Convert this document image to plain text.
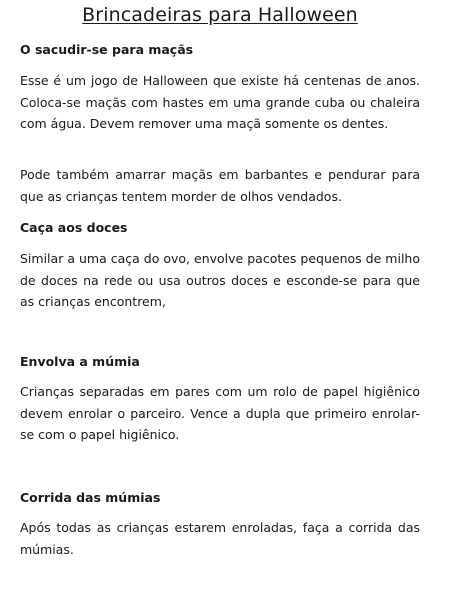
Brincadeiras para Halloween
O sacudir-se para maçãs

Esse é um jogo de Halloween que existe há centenas de anos. Coloca-se maçãs com hastes em uma grande cuba ou chaleira com água. Devem remover uma maçã somente os dentes.

Pode também amarrar maçãs em barbantes e pendurar para que as crianças tentem morder de olhos vendados.

Caça aos doces

Similar a uma caça do ovo, envolve pacotes pequenos de milho de doces na rede ou usa outros doces e esconde-se para que as crianças encontrem,

Envolva a múmia

Crianças separadas em pares com um rolo de papel higiênico devem enrolar o parceiro. Vence a dupla que primeiro enrolar-se com o papel higiênico.

Corrida das múmias

Após todas as crianças estarem enroladas, faça a corrida das múmias.
